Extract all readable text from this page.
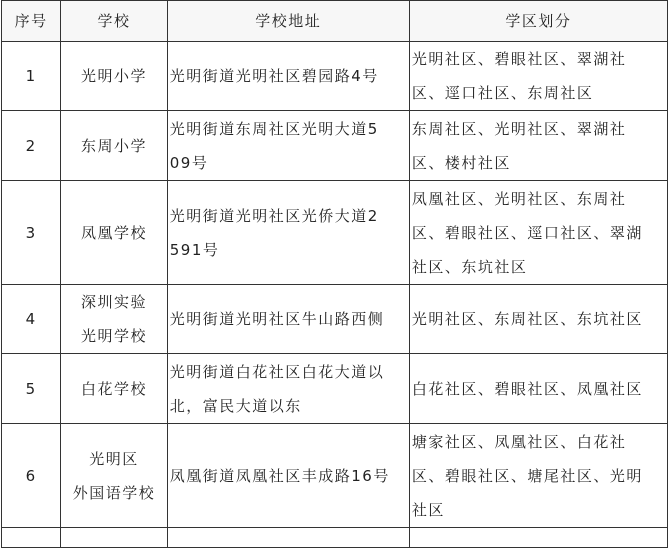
序号	学校	学校地址	学区划分
1	光明小学	光明街道光明社区碧园路4号	光明社区、碧眼社区、翠湖社
区、逕口社区、东周社区

2	东周小学	光明街道东周社区光明大道5
09号	东周社区、光明社区、翠湖社
区、楼村社区

3	凤凰学校	光明街道光明社区光侨大道2
591号	凤凰社区、光明社区、东周社
区、碧眼社区、逕口社区、翠湖
社区、东坑社区

4	深圳实验
光明学校	光明街道光明社区牛山路西侧	光明社区、东周社区、东坑社区

5	白花学校	光明街道白花社区白花大道以
北，富民大道以东	白花社区、碧眼社区、凤凰社区

6	光明区
外国语学校	凤凰街道凤凰社区丰成路16号	塘家社区、凤凰社区、白花社
区、碧眼社区、塘尾社区、光明
社区
